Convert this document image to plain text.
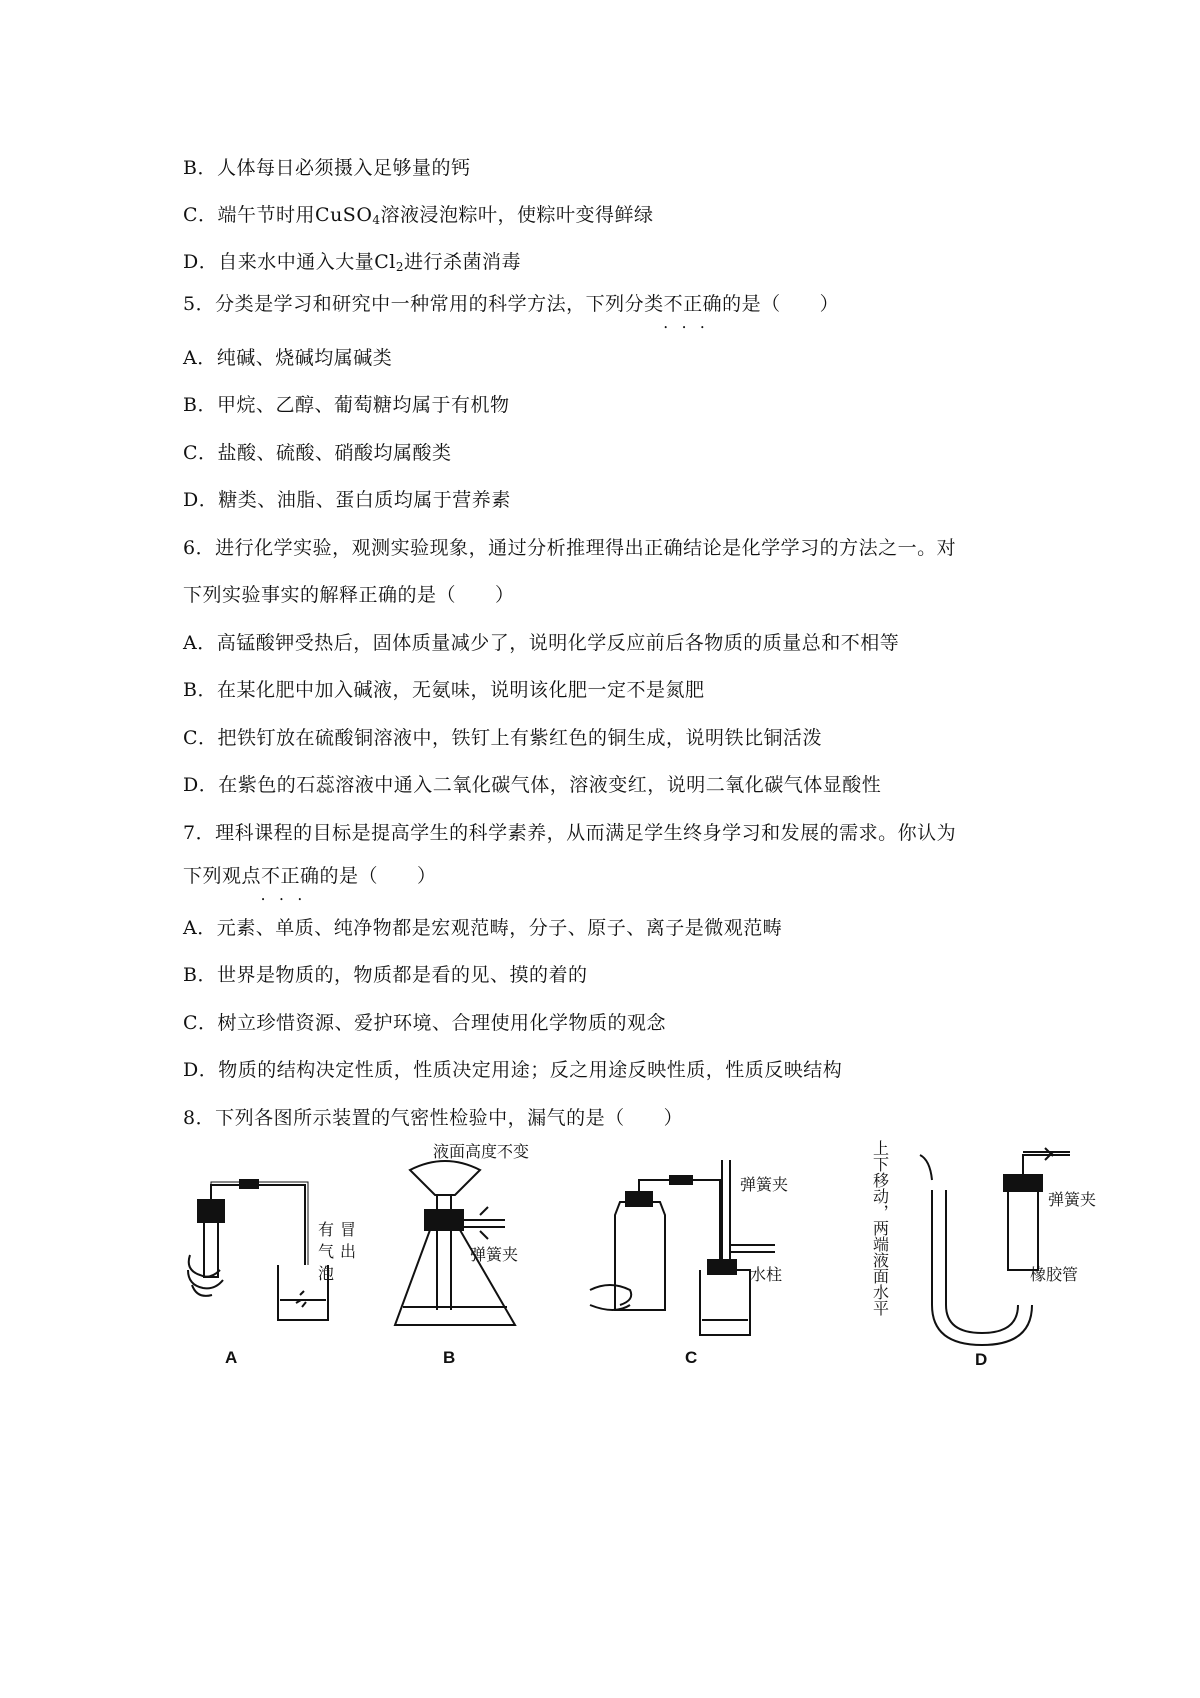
B．人体每日必须摄入足够量的钙
C．端午节时用CuSO$_4$溶液浸泡粽叶，使粽叶变得鲜绿
D．自来水中通入大量$Cl_2$进行杀菌消毒
5．分类是学习和研究中一种常用的科学方法，下列分类不正确 • • •的是（　　）
A．纯碱、烧碱均属碱类
B．甲烷、乙醇、葡萄糖均属于有机物
C．盐酸、硫酸、硝酸均属酸类
D．糖类、油脂、蛋白质均属于营养素
6．进行化学实验，观测实验现象，通过分析推理得出正确结论是化学学习的方法之一。对
下列实验事实的解释正确的是（　　）
A．高锰酸钾受热后，固体质量减少了，说明化学反应前后各物质的质量总和不相等
B．在某化肥中加入碱液，无氨味，说明该化肥一定不是氮肥
C．把铁钉放在硫酸铜溶液中，铁钉上有紫红色的铜生成，说明铁比铜活泼
D．在紫色的石蕊溶液中通入二氧化碳气体，溶液变红，说明二氧化碳气体显酸性
7．理科课程的目标是提高学生的科学素养，从而满足学生终身学习和发展的需求。你认为
下列观点不正确 • • •的是（　　）
A．元素、单质、纯净物都是宏观范畴，分子、原子、离子是微观范畴
B．世界是物质的，物质都是看的见、摸的着的
C．树立珍惜资源、爱护环境、合理使用化学物质的观念
D．物质的结构决定性质，性质决定用途；反之用途反映性质，性质反映结构
8．下列各图所示装置的气密性检验中，漏气的是（　　）
有气泡冒出
A
液面高度不变
弹簧夹
B
弹簧夹
水柱
C
上下移动，两端液面水平	弹簧夹
橡胶管
D
